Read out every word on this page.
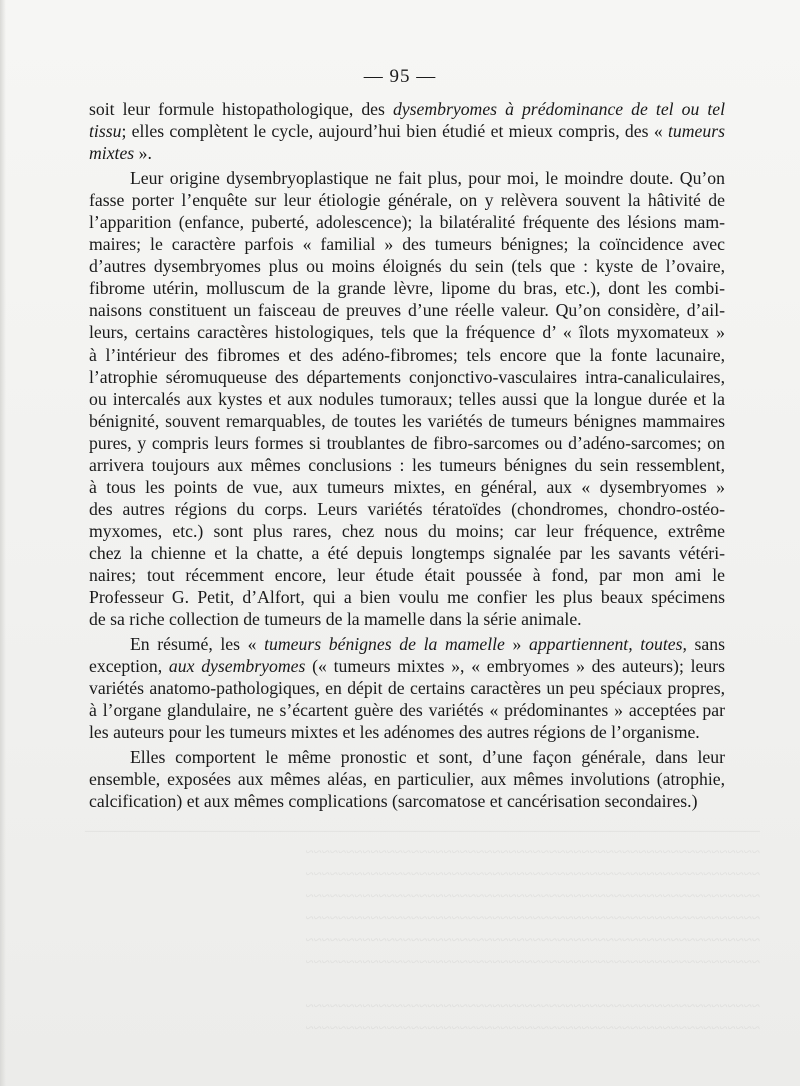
—————————————————————————————————————————————
~~~~~~~~~~~~~~~~~~~~~~~~~~~~~~~~~~~~~~~~~~~~~~~~~~~~~~~~
~~~~~~~~~~~~~~~~~~~~~~~~~~~~~~~~~~~~~~~~~~~~~~~~~~~~~~~~
~~~~~~~~~~~~~~~~~~~~~~~~~~~~~~~~~~~~~~~~~~~~~~~~~~~~~~~~
~~~~~~~~~~~~~~~~~~~~~~~~~~~~~~~~~~~~~~~~~~~~~~~~~~~~~~~~
~~~~~~~~~~~~~~~~~~~~~~~~~~~~~~~~~~~~~~~~~~~~~~~~~~~~~~~~
~~~~~~~~~~~~~~~~~~~~~~~~~~~~~~~~~~~~~~~~~~~~~~~~~~~~~~~~

~~~~~~~~~~~~~~~~~~~~~~~~~~~~~~~~~~~~~~~~~~~~~~~~~~~~~~~~
~~~~~~~~~~~~~~~~~~~~~~~~~~~~~~~~~~~~~~~~~~~~~~~~~~~~~~~~
— 95 —

soit leur formule histopathologique, des dysembryomes à prédominance de tel ou tel

tissu; elles complètent le cycle, aujourd’hui bien étudié et mieux compris, des « tumeurs

mixtes ».

Leur origine dysembryoplastique ne fait plus, pour moi, le moindre doute. Qu’on

fasse porter l’enquête sur leur étiologie générale, on y relèvera souvent la hâtivité de

l’apparition (enfance, puberté, adolescence); la bilatéralité fréquente des lésions mam-

maires; le caractère parfois « familial » des tumeurs bénignes; la coïncidence avec

d’autres dysembryomes plus ou moins éloignés du sein (tels que : kyste de l’ovaire,

fibrome utérin, molluscum de la grande lèvre, lipome du bras, etc.), dont les combi-

naisons constituent un faisceau de preuves d’une réelle valeur. Qu’on considère, d’ail-

leurs, certains caractères histologiques, tels que la fréquence d’ « îlots myxomateux »

à l’intérieur des fibromes et des adéno-fibromes; tels encore que la fonte lacunaire,

l’atrophie séromuqueuse des départements conjonctivo-vasculaires intra-canaliculaires,

ou intercalés aux kystes et aux nodules tumoraux; telles aussi que la longue durée et la

bénignité, souvent remarquables, de toutes les variétés de tumeurs bénignes mammaires

pures, y compris leurs formes si troublantes de fibro-sarcomes ou d’adéno-sarcomes; on

arrivera toujours aux mêmes conclusions : les tumeurs bénignes du sein ressemblent,

à tous les points de vue, aux tumeurs mixtes, en général, aux « dysembryomes »

des autres régions du corps. Leurs variétés tératoïdes (chondromes, chondro-ostéo-

myxomes, etc.) sont plus rares, chez nous du moins; car leur fréquence, extrême

chez la chienne et la chatte, a été depuis longtemps signalée par les savants vétéri-

naires; tout récemment encore, leur étude était poussée à fond, par mon ami le

Professeur G. Petit, d’Alfort, qui a bien voulu me confier les plus beaux spécimens

de sa riche collection de tumeurs de la mamelle dans la série animale.

En résumé, les « tumeurs bénignes de la mamelle » appartiennent, toutes, sans

exception, aux dysembryomes (« tumeurs mixtes », « embryomes » des auteurs); leurs

variétés anatomo-pathologiques, en dépit de certains caractères un peu spéciaux propres,

à l’organe glandulaire, ne s’écartent guère des variétés « prédominantes » acceptées par

les auteurs pour les tumeurs mixtes et les adénomes des autres régions de l’organisme.

Elles comportent le même pronostic et sont, d’une façon générale, dans leur

ensemble, exposées aux mêmes aléas, en particulier, aux mêmes involutions (atrophie,

calcification) et aux mêmes complications (sarcomatose et cancérisation secondaires.)
